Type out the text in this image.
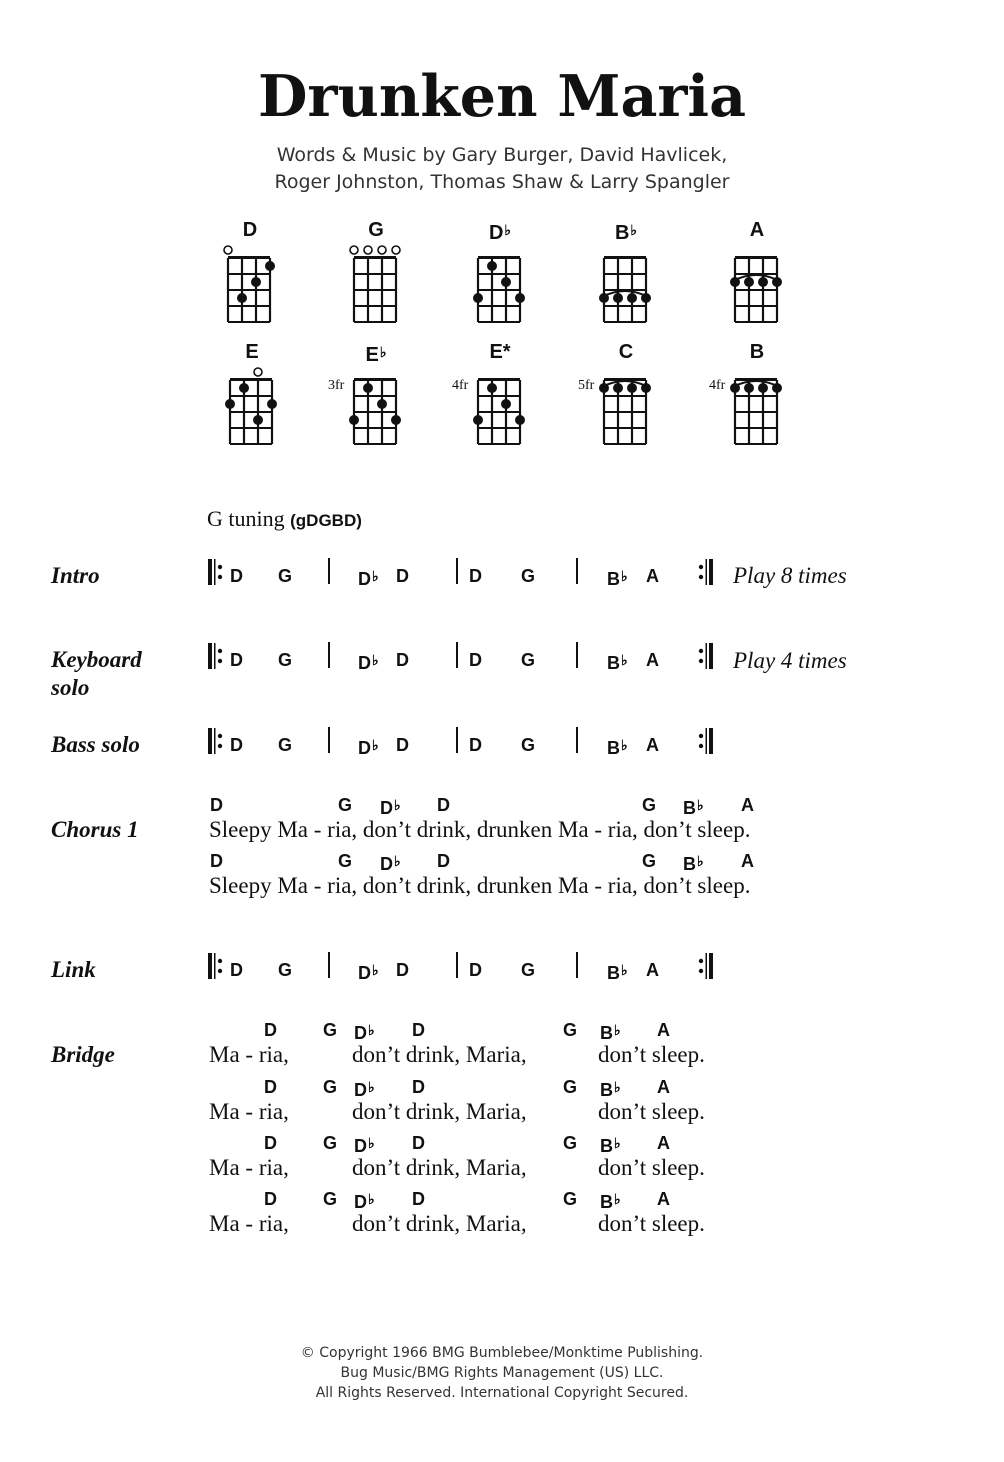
Drunken Maria
Words & Music by Gary Burger, David Havlicek,
Roger Johnston, Thomas Shaw & Larry Spangler
D	G	D♭	B♭	A
E	E♭
3fr
E*
4fr
C
5fr
B
4fr
G tuning (gDGBD)
Intro
Keyboard
solo
Bass solo
Chorus 1
Link
Bridge
Play 8 times
Play 4 times
D G	D♭ D	D G	B♭ A
D G	D♭ D	D G	B♭ A
D G	D♭ D	D G	B♭ A
D G	D♭ D	D G	B♭ A
D	G D♭ D	G B♭ A
Sleepy Ma - ria, don’t drink, drunken Ma - ria, don’t sleep.
D	G D♭ D	G B♭ A
Sleepy Ma - ria, don’t drink, drunken Ma - ria, don’t sleep.
D	G D♭ D	G B♭ A
Ma - ria,	don’t drink, Maria,	don’t sleep.
D	G D♭ D	G B♭ A
Ma - ria,	don’t drink, Maria,	don’t sleep.
D	G D♭ D	G B♭ A
Ma - ria,	don’t drink, Maria,	don’t sleep.
D	G D♭ D	G B♭ A
Ma - ria,	don’t drink, Maria,	don’t sleep.
© Copyright 1966 BMG Bumblebee/Monktime Publishing.
Bug Music/BMG Rights Management (US) LLC.
All Rights Reserved. International Copyright Secured.
